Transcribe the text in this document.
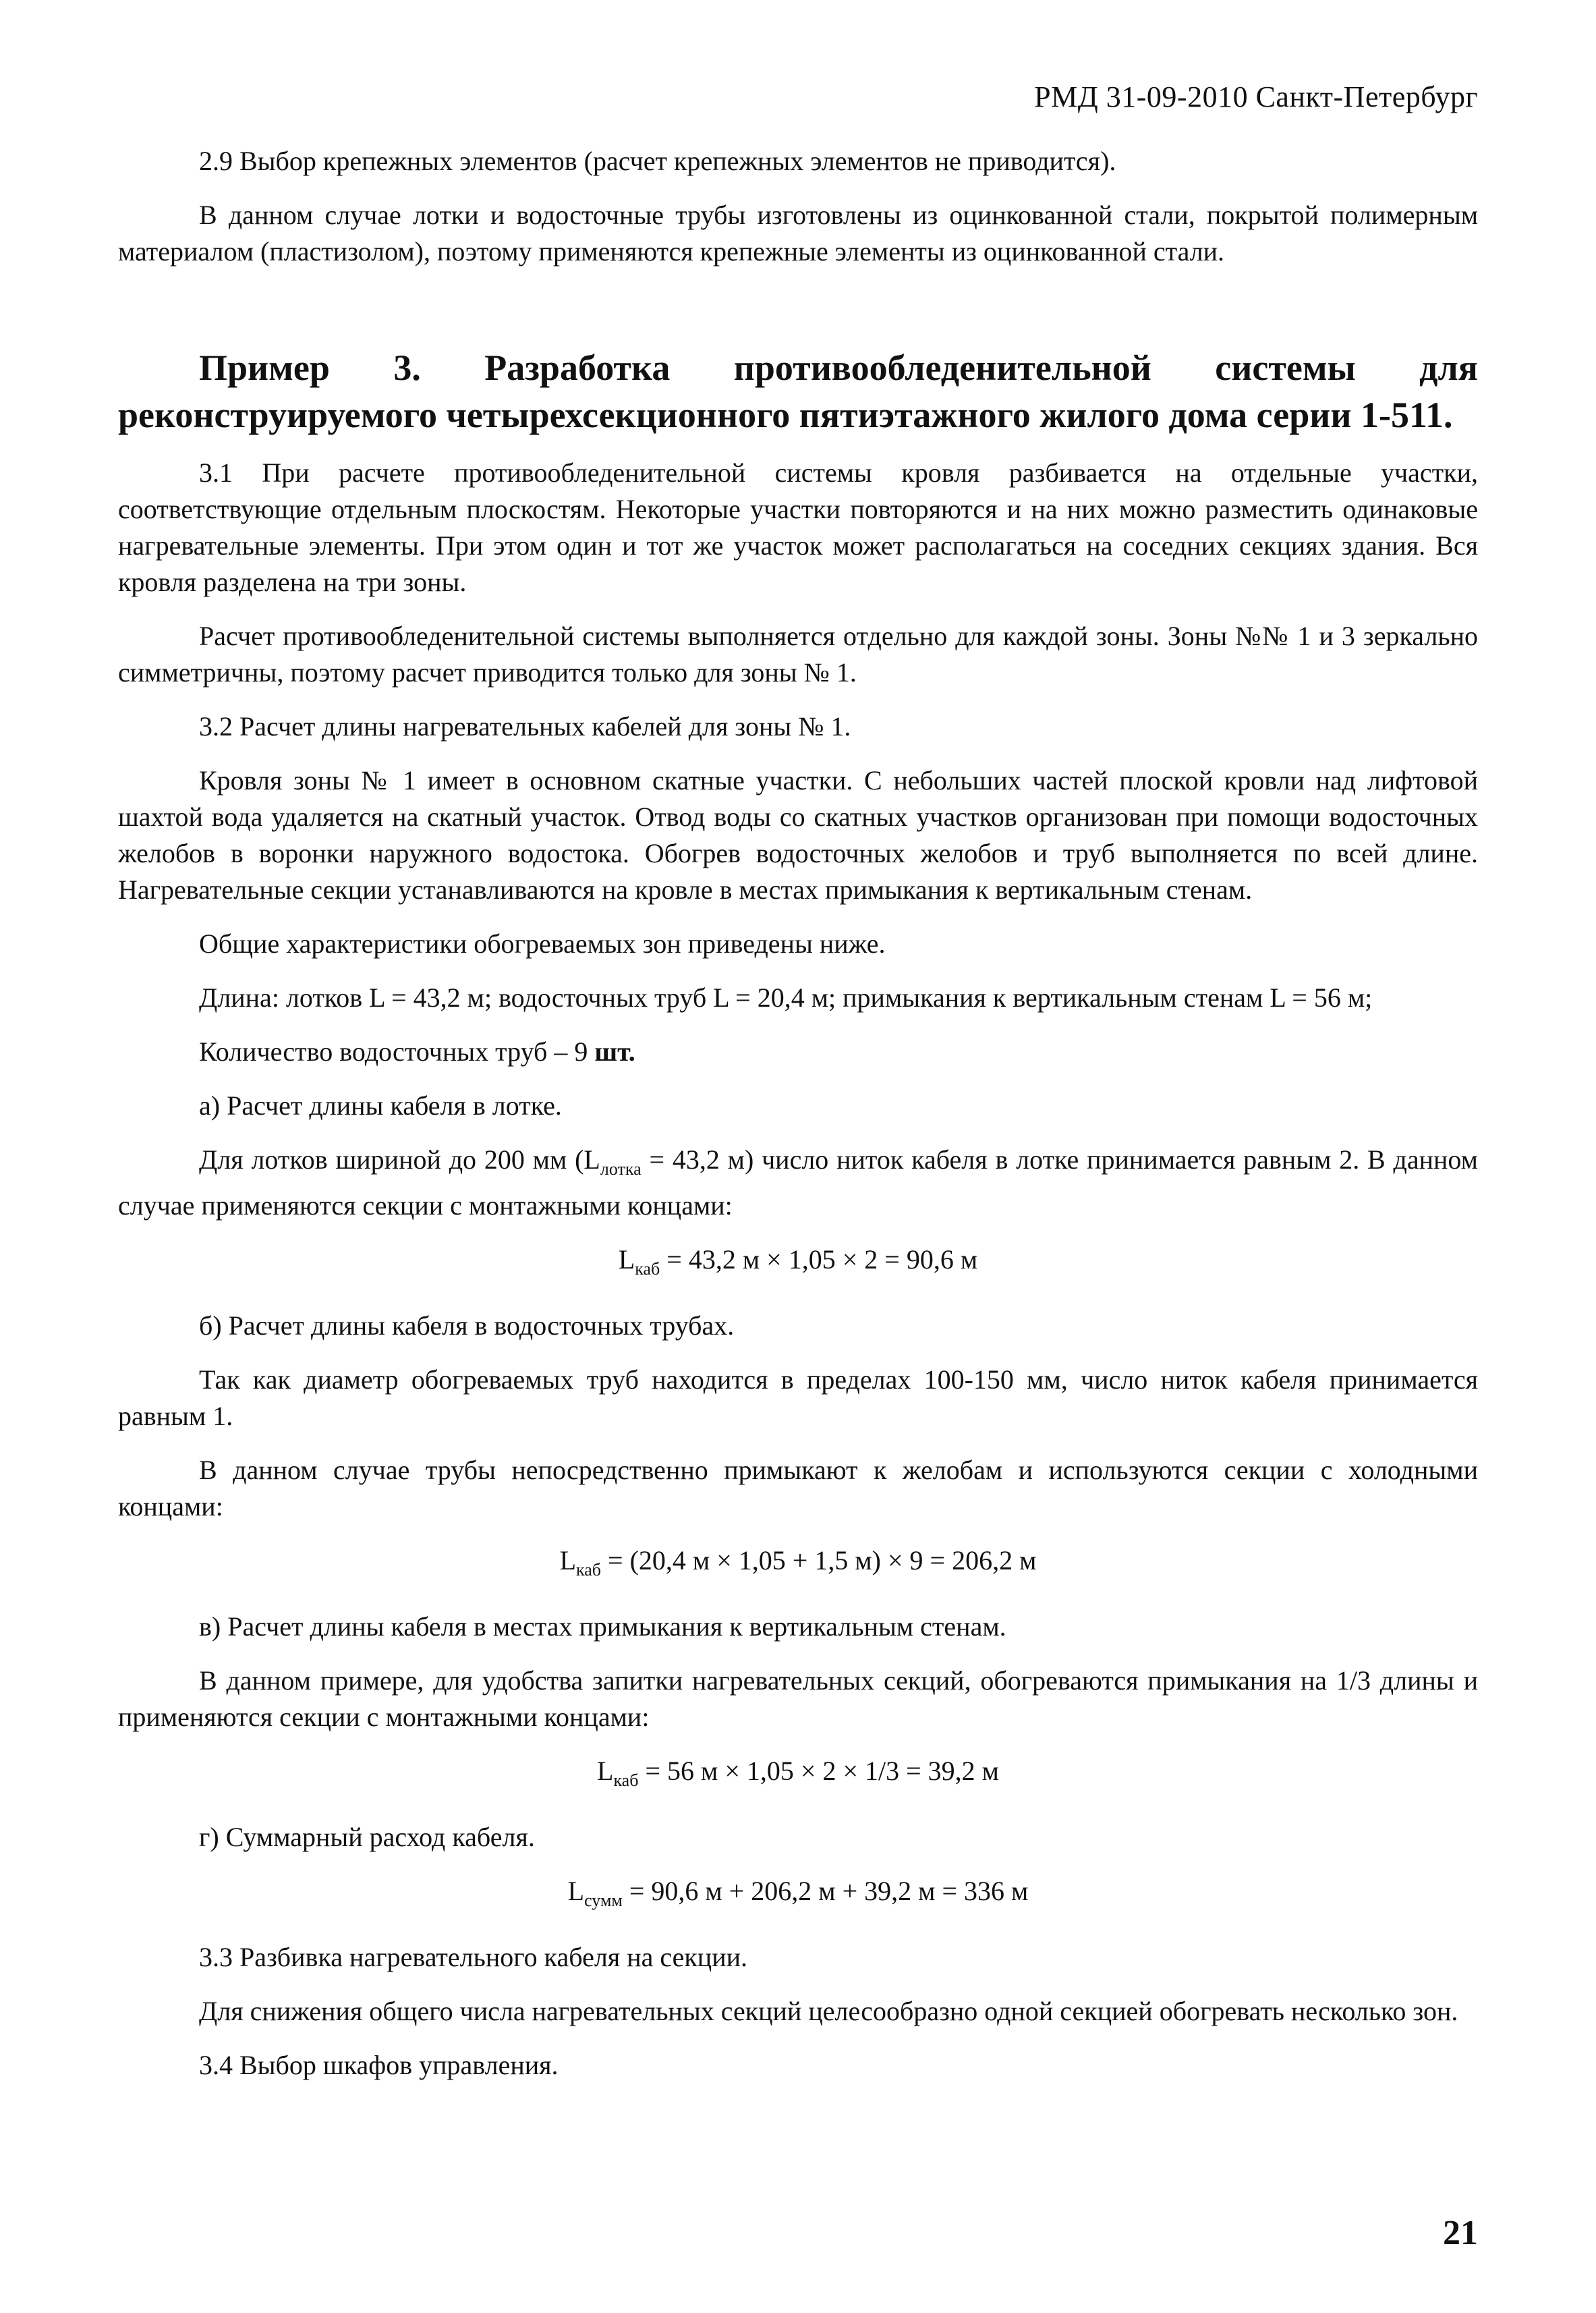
РМД 31-09-2010 Санкт-Петербург

2.9 Выбор крепежных элементов (расчет крепежных элементов не приводится).

В данном случае лотки и водосточные трубы изготовлены из оцинкованной стали, покрытой полимерным материалом (пластизолом), поэтому применяются крепежные элементы из оцинкованной стали.

Пример 3. Разработка противообледенительной системы для реконструируемого четырехсекционного пятиэтажного жилого дома серии 1-511.

3.1 При расчете противообледенительной системы кровля разбивается на отдельные участки, соответствующие отдельным плоскостям. Некоторые участки повторяются и на них можно разместить одинаковые нагревательные элементы. При этом один и тот же участок может располагаться на соседних секциях здания. Вся кровля разделена на три зоны.

Расчет противообледенительной системы выполняется отдельно для каждой зоны. Зоны №№ 1 и 3 зеркально симметричны, поэтому расчет приводится только для зоны № 1.

3.2 Расчет длины нагревательных кабелей для зоны № 1.

Кровля зоны № 1 имеет в основном скатные участки. С небольших частей плоской кровли над лифтовой шахтой вода удаляется на скатный участок. Отвод воды со скатных участков организован при помощи водосточных желобов в воронки наружного водостока. Обогрев водосточных желобов и труб выполняется по всей длине. Нагревательные секции устанавливаются на кровле в местах примыкания к вертикальным стенам.

Общие характеристики обогреваемых зон приведены ниже.

Длина: лотков L = 43,2 м; водосточных труб L = 20,4 м; примыкания к вертикальным стенам L = 56 м;

Количество водосточных труб – 9 шт.

а) Расчет длины кабеля в лотке.

Для лотков шириной до 200 мм ($L_{лотка} = 43,2$ м) число ниток кабеля в лотке принимается равным 2. В данном случае применяются секции с монтажными концами:

$L_{каб} = 43,2$ м × 1,05 × 2 = 90,6 м

б) Расчет длины кабеля в водосточных трубах.

Так как диаметр обогреваемых труб находится в пределах 100-150 мм, число ниток кабеля принимается равным 1.

В данном случае трубы непосредственно примыкают к желобам и используются секции с холодными концами:

$L_{каб} = (20,4$ м × 1,05 + 1,5 м) × 9 = 206,2 м

в) Расчет длины кабеля в местах примыкания к вертикальным стенам.

В данном примере, для удобства запитки нагревательных секций, обогреваются примыкания на 1/3 длины и применяются секции с монтажными концами:

$L_{каб} = 56$ м × 1,05 × 2 × 1/3 = 39,2 м

г) Суммарный расход кабеля.

$L_{сумм} = 90,6$ м + 206,2 м + 39,2 м = 336 м

3.3 Разбивка нагревательного кабеля на секции.

Для снижения общего числа нагревательных секций целесообразно одной секцией обогревать несколько зон.

3.4 Выбор шкафов управления.

21
